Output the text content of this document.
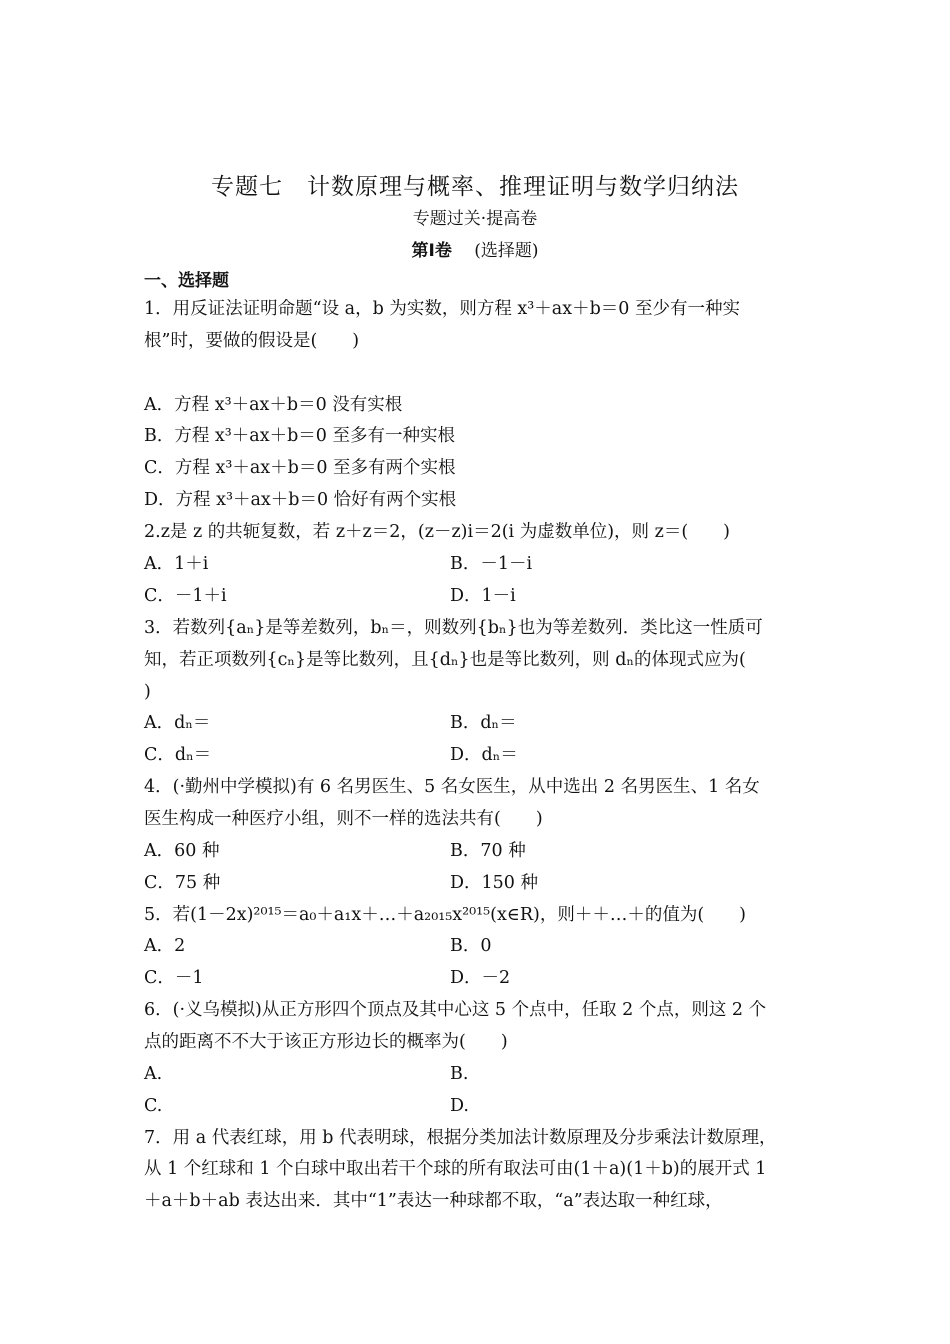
专题七　计数原理与概率、推理证明与数学归纳法
专题过关·提高卷
第Ⅰ卷　 (选择题)
一、选择题
1．用反证法证明命题“设 a，b 为实数，则方程 x³＋ax＋b＝0 至少有一种实
根”时，要做的假设是(　　)
A．方程 x³＋ax＋b＝0 没有实根
B．方程 x³＋ax＋b＝0 至多有一种实根
C．方程 x³＋ax＋b＝0 至多有两个实根
D．方程 x³＋ax＋b＝0 恰好有两个实根
2.z是 z 的共轭复数，若 z＋z＝2，(z－z)i＝2(i 为虚数单位)，则 z＝(　　)
A．1＋i	B．－1－i
C．－1＋i	D．1－i
3．若数列{aₙ}是等差数列，bₙ＝，则数列{bₙ}也为等差数列．类比这一性质可
知，若正项数列{cₙ}是等比数列，且{dₙ}也是等比数列，则 dₙ的体现式应为(
)
A．dₙ＝	B．dₙ＝
C．dₙ＝	D．dₙ＝
4．(·勤州中学模拟)有 6 名男医生、5 名女医生，从中选出 2 名男医生、1 名女
医生构成一种医疗小组，则不一样的选法共有(　　)
A．60 种	B．70 种
C．75 种	D．150 种
5．若(1－2x)²⁰¹⁵＝a₀＋a₁x＋…＋a₂₀₁₅x²⁰¹⁵(x∈R)，则＋＋…＋的值为(　　)
A．2	B．0
C．－1	D．－2
6．(·义乌模拟)从正方形四个顶点及其中心这 5 个点中，任取 2 个点，则这 2 个
点的距离不不大于该正方形边长的概率为(　　)
A.	B.
C.	D.
7．用 a 代表红球，用 b 代表明球，根据分类加法计数原理及分步乘法计数原理，
从 1 个红球和 1 个白球中取出若干个球的所有取法可由(1＋a)(1＋b)的展开式 1
＋a＋b＋ab 表达出来．其中“1”表达一种球都不取，“a”表达取一种红球，
